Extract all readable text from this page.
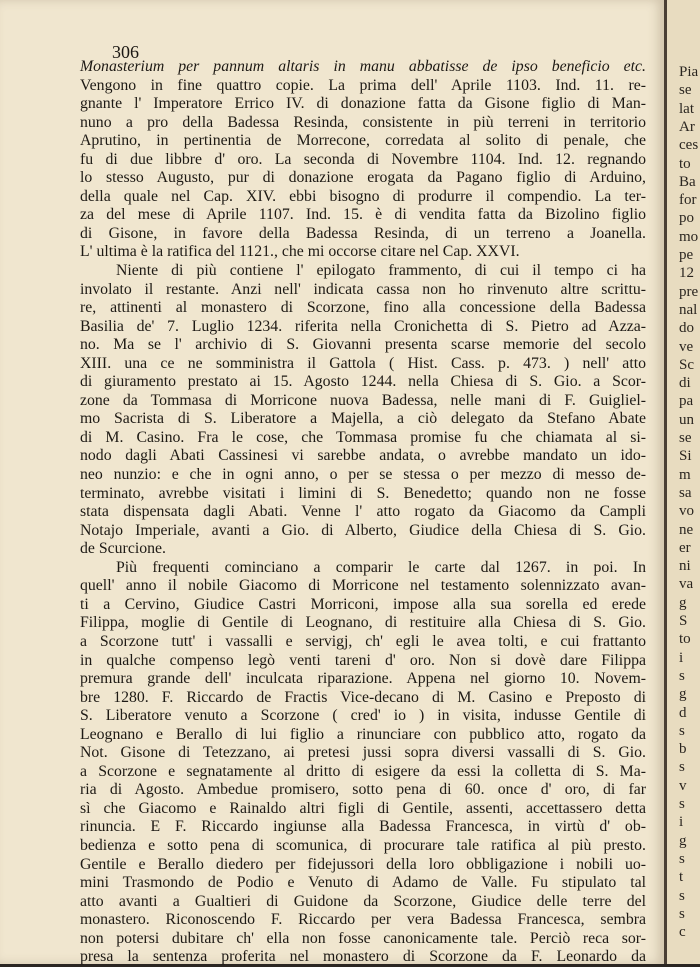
306
Monasterium per pannum altaris in manu abbatisse de ipso beneficio etc.
Vengono in fine quattro copie. La prima dell' Aprile 1103. Ind. 11. re-
gnante l' Imperatore Errico IV. di donazione fatta da Gisone figlio di Man-
nuno a pro della Badessa Resinda, consistente in più terreni in territorio
Aprutino, in pertinentia de Morrecone, corredata al solito di penale, che
fu di due libbre d' oro. La seconda di Novembre 1104. Ind. 12. regnando
lo stesso Augusto, pur di donazione erogata da Pagano figlio di Arduino,
della quale nel Cap. XIV. ebbi bisogno di produrre il compendio. La ter-
za del mese di Aprile 1107. Ind. 15. è di vendita fatta da Bizolino figlio
di Gisone, in favore della Badessa Resinda, di un terreno a Joanella.
L' ultima è la ratifica del 1121., che mi occorse citare nel Cap. XXVI.
Niente di più contiene l' epilogato frammento, di cui il tempo ci ha
involato il restante. Anzi nell' indicata cassa non ho rinvenuto altre scrittu-
re, attinenti al monastero di Scorzone, fino alla concessione della Badessa
Basilia de' 7. Luglio 1234. riferita nella Cronichetta di S. Pietro ad Azza-
no. Ma se l' archivio di S. Giovanni presenta scarse memorie del secolo
XIII. una ce ne somministra il Gattola ( Hist. Cass. p. 473. ) nell' atto
di giuramento prestato ai 15. Agosto 1244. nella Chiesa di S. Gio. a Scor-
zone da Tommasa di Morricone nuova Badessa, nelle mani di F. Guigliel-
mo Sacrista di S. Liberatore a Majella, a ciò delegato da Stefano Abate
di M. Casino. Fra le cose, che Tommasa promise fu che chiamata al si-
nodo dagli Abati Cassinesi vi sarebbe andata, o avrebbe mandato un ido-
neo nunzio: e che in ogni anno, o per se stessa o per mezzo di messo de-
terminato, avrebbe visitati i limini di S. Benedetto; quando non ne fosse
stata dispensata dagli Abati. Venne l' atto rogato da Giacomo da Campli
Notajo Imperiale, avanti a Gio. di Alberto, Giudice della Chiesa di S. Gio.
de Scurcione.
Più frequenti cominciano a comparir le carte dal 1267. in poi. In
quell' anno il nobile Giacomo di Morricone nel testamento solennizzato avan-
ti a Cervino, Giudice Castri Morriconi, impose alla sua sorella ed erede
Filippa, moglie di Gentile di Leognano, di restituire alla Chiesa di S. Gio.
a Scorzone tutt' i vassalli e servigj, ch' egli le avea tolti, e cui frattanto
in qualche compenso legò venti tareni d' oro. Non si dovè dare Filippa
premura grande dell' inculcata riparazione. Appena nel giorno 10. Novem-
bre 1280. F. Riccardo de Fractis Vice-decano di M. Casino e Preposto di
S. Liberatore venuto a Scorzone ( cred' io ) in visita, indusse Gentile di
Leognano e Berallo di lui figlio a rinunciare con pubblico atto, rogato da
Not. Gisone di Tetezzano, ai pretesi jussi sopra diversi vassalli di S. Gio.
a Scorzone e segnatamente al dritto di esigere da essi la colletta di S. Ma-
ria di Agosto. Ambedue promisero, sotto pena di 60. once d' oro, di far
sì che Giacomo e Rainaldo altri figli di Gentile, assenti, accettassero detta
rinuncia. E F. Riccardo ingiunse alla Badessa Francesca, in virtù d' ob-
bedienza e sotto pena di scomunica, di procurare tale ratifica al più presto.
Gentile e Berallo diedero per fidejussori della loro obbligazione i nobili uo-
mini Trasmondo de Podio e Venuto di Adamo de Valle. Fu stipulato tal
atto avanti a Gualtieri di Guidone da Scorzone, Giudice delle terre del
monastero. Riconoscendo F. Riccardo per vera Badessa Francesca, sembra
non potersi dubitare ch' ella non fosse canonicamente tale. Perciò reca sor-
presa la sentenza proferita nel monastero di Scorzone da F. Leonardo da
Pia
se
lat
Ar
ces
to
Ba
for
po
mo
pe
12
pre
nal
do
ve
Sc
di
pa
un
se
Si
m
sa
vo
ne
er
ni
va
g
S
to
i
s
g
d
s
b
s
v
s
i
g
s
t
s
s
c
